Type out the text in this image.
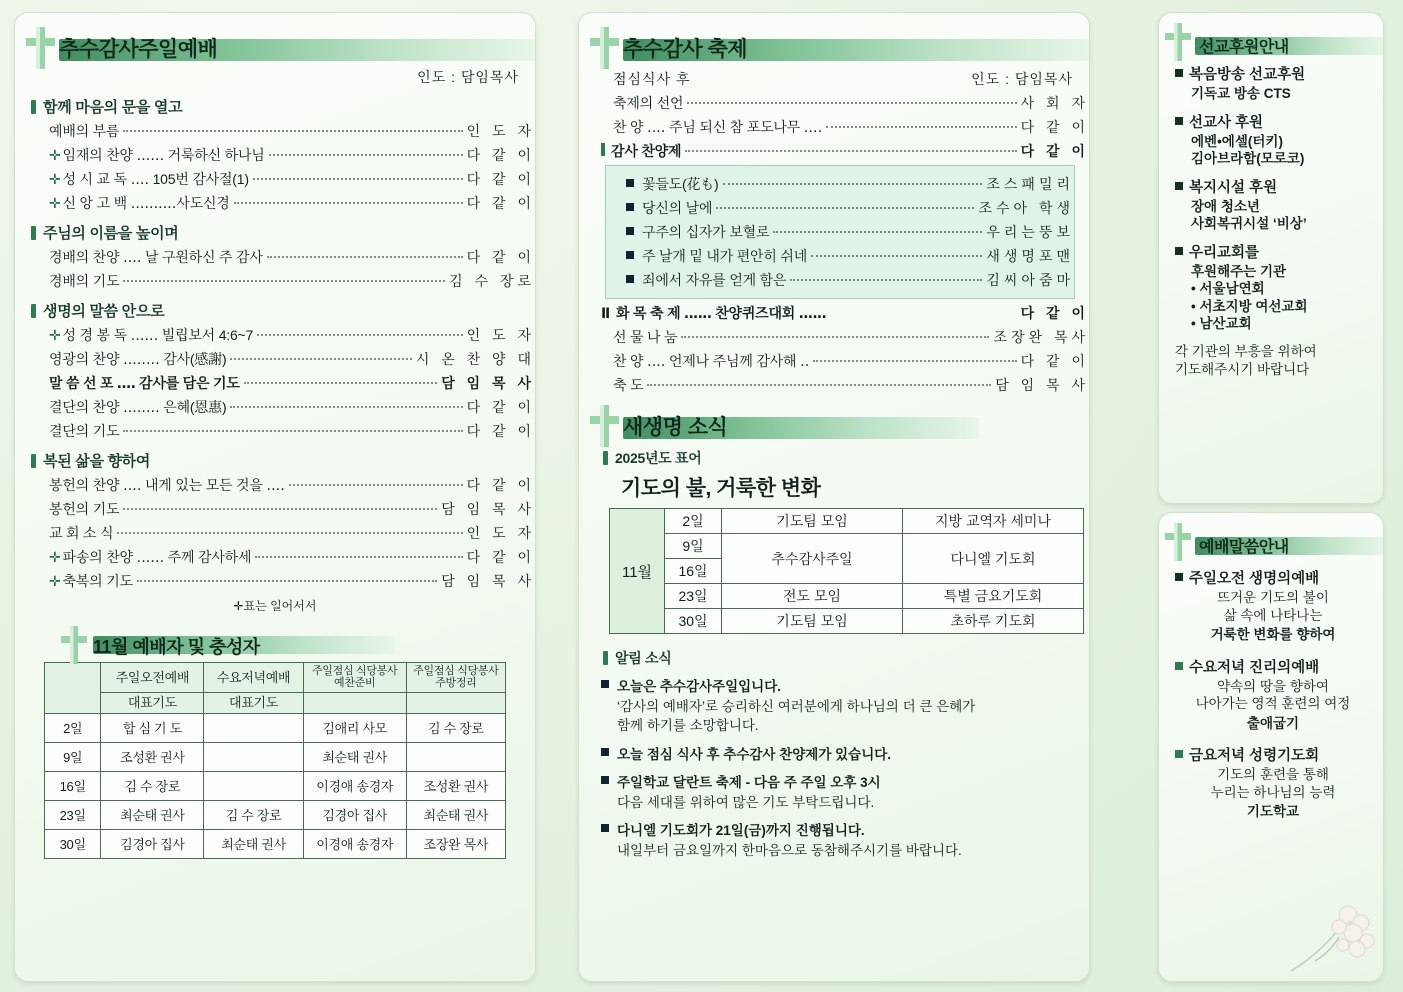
추수감사주일예배
인도 : 담임목사
함께 마음의 문을 열고
예배의 부름	인 도 자
✛ 임재의 찬양 ‥‥‥ 거룩하신 하나님	다 같 이
✛ 성 시 교 독 ‥‥ 105번 감사절(1)	다 같 이
✛ 신 앙 고 백 ‥‥‥‥‥사도신경	다 같 이
주님의 이름을 높이며
경배의 찬양 ‥‥ 날 구원하신 주 감사	다 같 이
경배의 기도	김 수 장로
생명의 말씀 안으로
✛ 성 경 봉 독 ‥‥‥ 빌립보서 4:6~7	인 도 자
영광의 찬양 ‥‥‥‥ 감사(感謝)	시 온 찬 양 대
말 씀 선 포 ‥‥ 감사를 담은 기도	담 임 목 사
결단의 찬양 ‥‥‥‥ 은혜(恩惠)	다 같 이
결단의 기도	다 같 이
복된 삶을 향하여
봉헌의 찬양 ‥‥ 내게 있는 모든 것을 ‥‥	다 같 이
봉헌의 기도	담 임 목 사
교 회 소 식	인 도 자
✛ 파송의 찬양 ‥‥‥ 주께 감사하세	다 같 이
✛ 축복의 기도	담 임 목 사
✛표는 일어서서
11월 예배자 및 충성자
	주일오전예배	수요저녁예배	주일점심 식당봉사 예찬준비	주일점심 식당봉사 주방정리
	대표기도	대표기도		
2일	합 심 기 도		김애리 사모	김 수 장로
9일	조성환 권사		최순태 권사	
16일	김 수 장로		이경애 송경자	조성환 권사
23일	최순태 권사	김 수 장로	김경아 집사	최순태 권사
30일	김경아 집사	최순태 권사	이경애 송경자	조장완 목사
추수감사 축제
점심식사 후	인도 : 담임목사
축제의 선언	사 회 자
찬 양 ‥‥ 주님 되신 참 포도나무 ‥‥	다 같 이
감사 찬양제	다 같 이
꽃들도(花も)	조스패밀리
당신의 날에	조수아 학생
구주의 십자가 보혈로	우리는뚱보
주 날개 밑 내가 편안히 쉬네	새생명포맨
죄에서 자유를 얻게 함은	김씨아줌마
Ⅱ 화 목 축 제 ‥‥‥ 찬양퀴즈대회 ‥‥‥	다 같 이
선 물 나 눔	조장완 목사
찬 양 ‥‥ 언제나 주님께 감사해 ‥	다 같 이
축 도	담 임 목 사
새생명 소식
2025년도 표어
기도의 불, 거룩한 변화
11월	2일	기도팀 모임	지방 교역자 세미나
	9일	추수감사주일	다니엘 기도회
	16일		
	23일	전도 모임	특별 금요기도회
	30일	기도팀 모임	초하루 기도회
알림 소식
오늘은 추수감사주일입니다.
‘감사의 예배자’로 승리하신 여러분에게 하나님의 더 큰 은혜가
함께 하기를 소망합니다.
오늘 점심 식사 후 추수감사 찬양제가 있습니다.
주일학교 달란트 축제 - 다음 주 주일 오후 3시
다음 세대를 위하여 많은 기도 부탁드립니다.
다니엘 기도회가 21일(금)까지 진행됩니다.
내일부터 금요일까지 한마음으로 동참해주시기를 바랍니다.
선교후원안내
복음방송 선교후원
기독교 방송 CTS
선교사 후원
에벤•에셀(터키)
김아브라함(모로코)
복지시설 후원
장애 청소년
사회복귀시설 ‘비상’
우리교회를
후원해주는 기관
• 서울남연회
• 서초지방 여선교회
• 남산교회
각 기관의 부흥을 위하여
기도해주시기 바랍니다
예배말씀안내
주일오전 생명의예배
뜨거운 기도의 불이
삶 속에 나타나는
거룩한 변화를 향하여
수요저녁 진리의예배
약속의 땅을 향하여
나아가는 영적 훈련의 여정
출애굽기
금요저녁 성령기도회
기도의 훈련을 통해
누리는 하나님의 능력
기도학교
